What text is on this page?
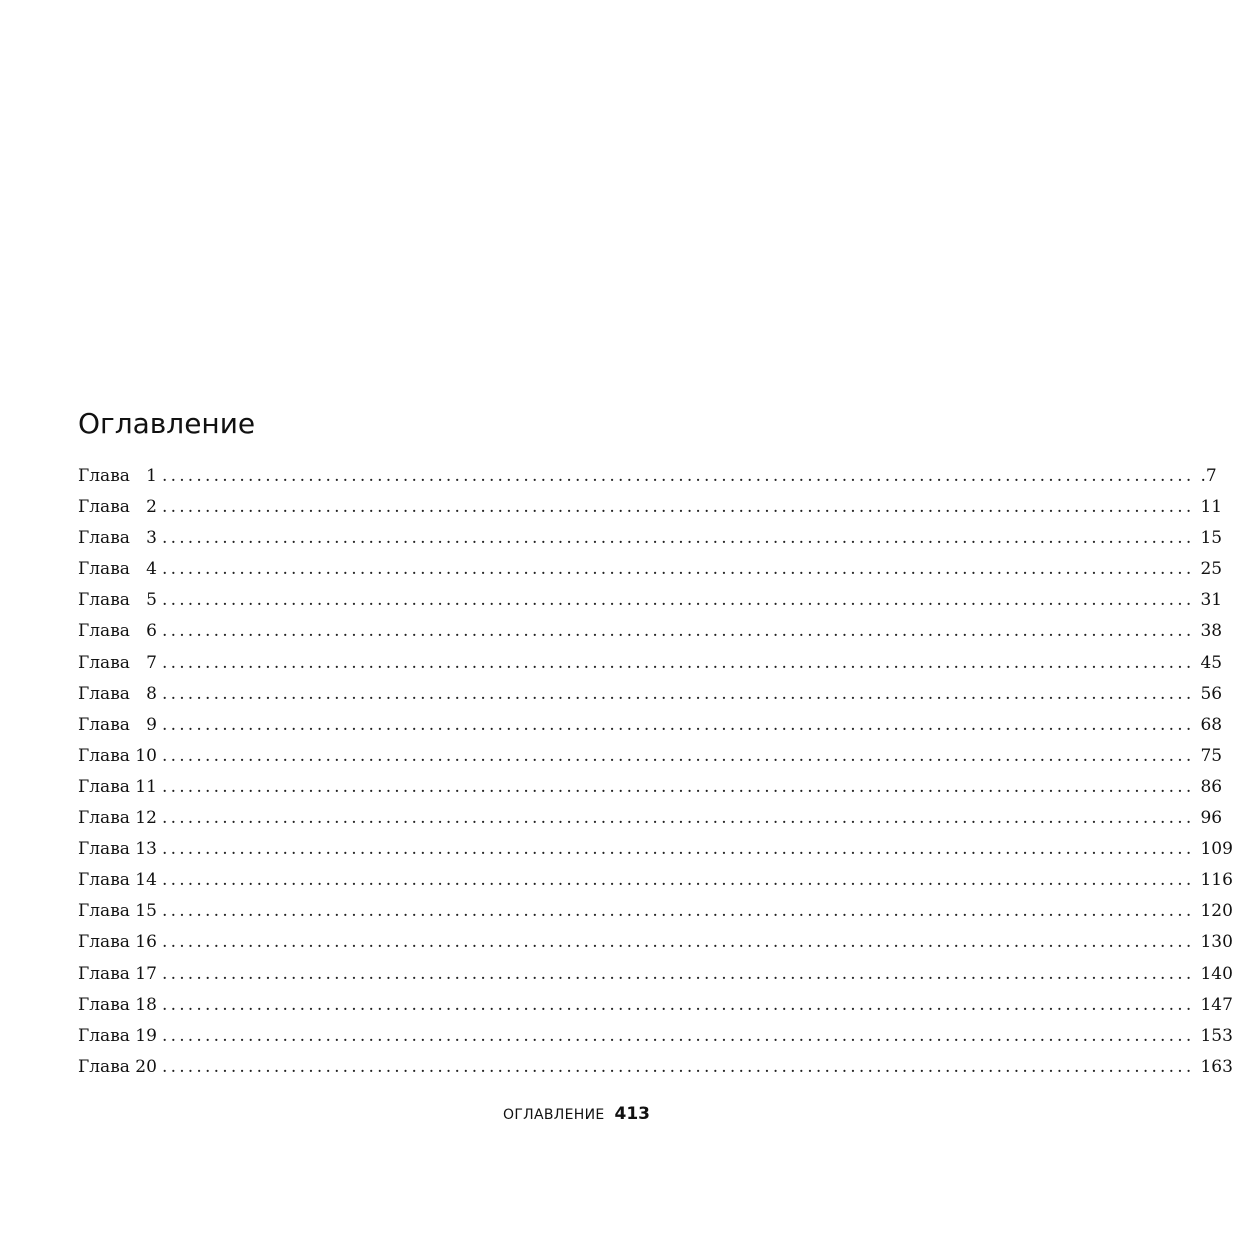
Оглавление
Глава   1 ........................................................................................................................ .7
Глава   2 ........................................................................................................................ 11
Глава   3 ........................................................................................................................ 15
Глава   4 ........................................................................................................................ 25
Глава   5 ........................................................................................................................ 31
Глава   6 ........................................................................................................................ 38
Глава   7 ........................................................................................................................ 45
Глава   8 ........................................................................................................................ 56
Глава   9 ........................................................................................................................ 68
Глава 10 ........................................................................................................................ 75
Глава 11 ........................................................................................................................ 86
Глава 12 ........................................................................................................................ 96
Глава 13 ........................................................................................................................ 109
Глава 14 ........................................................................................................................ 116
Глава 15 ........................................................................................................................ 120
Глава 16 ........................................................................................................................ 130
Глава 17 ........................................................................................................................ 140
Глава 18 ........................................................................................................................ 147
Глава 19 ........................................................................................................................ 153
Глава 20 ........................................................................................................................ 163
ОГЛАВЛЕНИЕ 413
